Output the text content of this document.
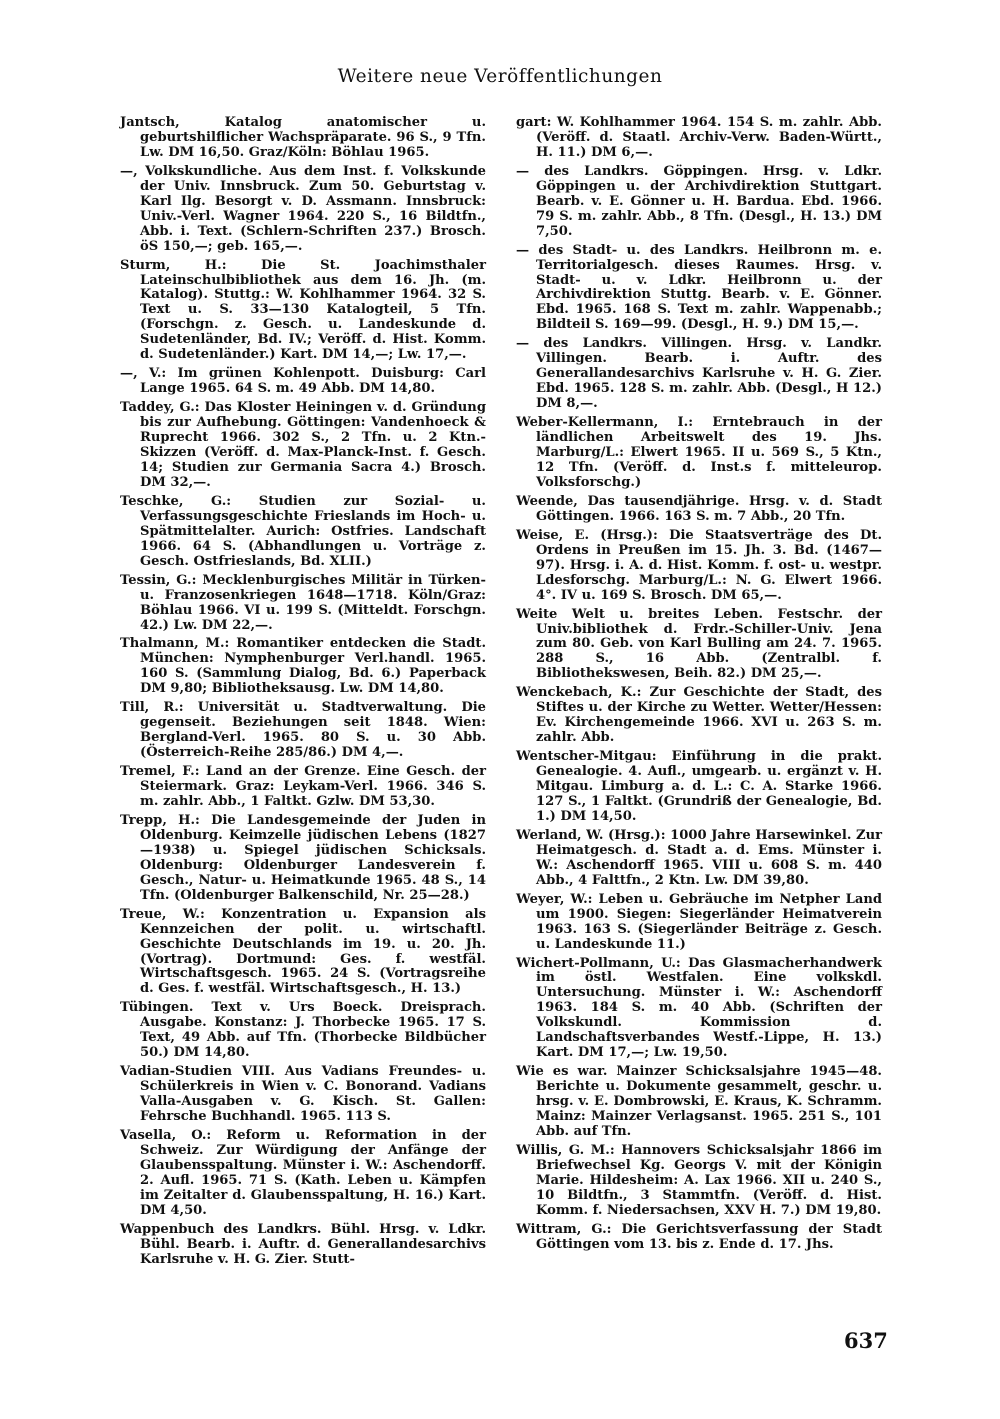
Weitere neue Veröffentlichungen

Jantsch, Katalog anatomischer u. geburtshilflicher Wachspräparate. 96 S., 9 Tfn. Lw. DM 16,50. Graz/Köln: Böhlau 1965.

—, Volkskundliche. Aus dem Inst. f. Volkskunde der Univ. Innsbruck. Zum 50. Geburtstag v. Karl Ilg. Besorgt v. D. Assmann. Innsbruck: Univ.-Verl. Wagner 1964. 220 S., 16 Bildtfn., Abb. i. Text. (Schlern-Schriften 237.) Brosch. öS 150,—; geb. 165,—.

Sturm, H.: Die St. Joachimsthaler Lateinschulbibliothek aus dem 16. Jh. (m. Katalog). Stuttg.: W. Kohlhammer 1964. 32 S. Text u. S. 33—130 Katalogteil, 5 Tfn. (Forschgn. z. Gesch. u. Landeskunde d. Sudetenländer, Bd. IV.; Veröff. d. Hist. Komm. d. Sudetenländer.) Kart. DM 14,—; Lw. 17,—.

—, V.: Im grünen Kohlenpott. Duisburg: Carl Lange 1965. 64 S. m. 49 Abb. DM 14,80.

Taddey, G.: Das Kloster Heiningen v. d. Gründung bis zur Aufhebung. Göttingen: Vandenhoeck & Ruprecht 1966. 302 S., 2 Tfn. u. 2 Ktn.-Skizzen (Veröff. d. Max-Planck-Inst. f. Gesch. 14; Studien zur Germania Sacra 4.) Brosch. DM 32,—.

Teschke, G.: Studien zur Sozial- u. Verfassungsgeschichte Frieslands im Hoch- u. Spätmittelalter. Aurich: Ostfries. Landschaft 1966. 64 S. (Abhandlungen u. Vorträge z. Gesch. Ostfrieslands, Bd. XLII.)

Tessin, G.: Mecklenburgisches Militär in Türken- u. Franzosenkriegen 1648—1718. Köln/Graz: Böhlau 1966. VI u. 199 S. (Mitteldt. Forschgn. 42.) Lw. DM 22,—.

Thalmann, M.: Romantiker entdecken die Stadt. München: Nymphenburger Verl.handl. 1965. 160 S. (Sammlung Dialog, Bd. 6.) Paperback DM 9,80; Bibliotheksausg. Lw. DM 14,80.

Till, R.: Universität u. Stadtverwaltung. Die gegenseit. Beziehungen seit 1848. Wien: Bergland-Verl. 1965. 80 S. u. 30 Abb. (Österreich-Reihe 285/86.) DM 4,—.

Tremel, F.: Land an der Grenze. Eine Gesch. der Steiermark. Graz: Leykam-Verl. 1966. 346 S. m. zahlr. Abb., 1 Faltkt. Gzlw. DM 53,30.

Trepp, H.: Die Landesgemeinde der Juden in Oldenburg. Keimzelle jüdischen Lebens (1827—1938) u. Spiegel jüdischen Schicksals. Oldenburg: Oldenburger Landesverein f. Gesch., Natur- u. Heimatkunde 1965. 48 S., 14 Tfn. (Oldenburger Balkenschild, Nr. 25—28.)

Treue, W.: Konzentration u. Expansion als Kennzeichen der polit. u. wirtschaftl. Geschichte Deutschlands im 19. u. 20. Jh. (Vortrag). Dortmund: Ges. f. westfäl. Wirtschaftsgesch. 1965. 24 S. (Vortragsreihe d. Ges. f. westfäl. Wirtschaftsgesch., H. 13.)

Tübingen. Text v. Urs Boeck. Dreisprach. Ausgabe. Konstanz: J. Thorbecke 1965. 17 S. Text, 49 Abb. auf Tfn. (Thorbecke Bildbücher 50.) DM 14,80.

Vadian-Studien VIII. Aus Vadians Freundes- u. Schülerkreis in Wien v. C. Bonorand. Vadians Valla-Ausgaben v. G. Kisch. St. Gallen: Fehrsche Buchhandl. 1965. 113 S.

Vasella, O.: Reform u. Reformation in der Schweiz. Zur Würdigung der Anfänge der Glaubensspaltung. Münster i. W.: Aschendorff. 2. Aufl. 1965. 71 S. (Kath. Leben u. Kämpfen im Zeitalter d. Glaubensspaltung, H. 16.) Kart. DM 4,50.

Wappenbuch des Landkrs. Bühl. Hrsg. v. Ldkr. Bühl. Bearb. i. Auftr. d. Generallandesarchivs Karlsruhe v. H. G. Zier. Stutt-

gart: W. Kohlhammer 1964. 154 S. m. zahlr. Abb. (Veröff. d. Staatl. Archiv-Verw. Baden-Württ., H. 11.) DM 6,—.

— des Landkrs. Göppingen. Hrsg. v. Ldkr. Göppingen u. der Archivdirektion Stuttgart. Bearb. v. E. Gönner u. H. Bardua. Ebd. 1966. 79 S. m. zahlr. Abb., 8 Tfn. (Desgl., H. 13.) DM 7,50.

— des Stadt- u. des Landkrs. Heilbronn m. e. Territorialgesch. dieses Raumes. Hrsg. v. Stadt- u. v. Ldkr. Heilbronn u. der Archivdirektion Stuttg. Bearb. v. E. Gönner. Ebd. 1965. 168 S. Text m. zahlr. Wappenabb.; Bildteil S. 169—99. (Desgl., H. 9.) DM 15,—.

— des Landkrs. Villingen. Hrsg. v. Landkr. Villingen. Bearb. i. Auftr. des Generallandesarchivs Karlsruhe v. H. G. Zier. Ebd. 1965. 128 S. m. zahlr. Abb. (Desgl., H 12.) DM 8,—.

Weber-Kellermann, I.: Erntebrauch in der ländlichen Arbeitswelt des 19. Jhs. Marburg/L.: Elwert 1965. II u. 569 S., 5 Ktn., 12 Tfn. (Veröff. d. Inst.s f. mitteleurop. Volksforschg.)

Weende, Das tausendjährige. Hrsg. v. d. Stadt Göttingen. 1966. 163 S. m. 7 Abb., 20 Tfn.

Weise, E. (Hrsg.): Die Staatsverträge des Dt. Ordens in Preußen im 15. Jh. 3. Bd. (1467—97). Hrsg. i. A. d. Hist. Komm. f. ost- u. westpr. Ldesforschg. Marburg/L.: N. G. Elwert 1966. 4°. IV u. 169 S. Brosch. DM 65,—.

Weite Welt u. breites Leben. Festschr. der Univ.bibliothek d. Frdr.-Schiller-Univ. Jena zum 80. Geb. von Karl Bulling am 24. 7. 1965. 288 S., 16 Abb. (Zentralbl. f. Bibliothekswesen, Beih. 82.) DM 25,—.

Wenckebach, K.: Zur Geschichte der Stadt, des Stiftes u. der Kirche zu Wetter. Wetter/Hessen: Ev. Kirchengemeinde 1966. XVI u. 263 S. m. zahlr. Abb.

Wentscher-Mitgau: Einführung in die prakt. Genealogie. 4. Aufl., umgearb. u. ergänzt v. H. Mitgau. Limburg a. d. L.: C. A. Starke 1966. 127 S., 1 Faltkt. (Grundriß der Genealogie, Bd. 1.) DM 14,50.

Werland, W. (Hrsg.): 1000 Jahre Harsewinkel. Zur Heimatgesch. d. Stadt a. d. Ems. Münster i. W.: Aschendorff 1965. VIII u. 608 S. m. 440 Abb., 4 Falttfn., 2 Ktn. Lw. DM 39,80.

Weyer, W.: Leben u. Gebräuche im Netpher Land um 1900. Siegen: Siegerländer Heimatverein 1963. 163 S. (Siegerländer Beiträge z. Gesch. u. Landeskunde 11.)

Wichert-Pollmann, U.: Das Glasmacherhandwerk im östl. Westfalen. Eine volkskdl. Untersuchung. Münster i. W.: Aschendorff 1963. 184 S. m. 40 Abb. (Schriften der Volkskundl. Kommission d. Landschaftsverbandes Westf.-Lippe, H. 13.) Kart. DM 17,—; Lw. 19,50.

Wie es war. Mainzer Schicksalsjahre 1945—48. Berichte u. Dokumente gesammelt, geschr. u. hrsg. v. E. Dombrowski, E. Kraus, K. Schramm. Mainz: Mainzer Verlagsanst. 1965. 251 S., 101 Abb. auf Tfn.

Willis, G. M.: Hannovers Schicksalsjahr 1866 im Briefwechsel Kg. Georgs V. mit der Königin Marie. Hildesheim: A. Lax 1966. XII u. 240 S., 10 Bildtfn., 3 Stammtfn. (Veröff. d. Hist. Komm. f. Niedersachsen, XXV H. 7.) DM 19,80.

Wittram, G.: Die Gerichtsverfassung der Stadt Göttingen vom 13. bis z. Ende d. 17. Jhs.

637
